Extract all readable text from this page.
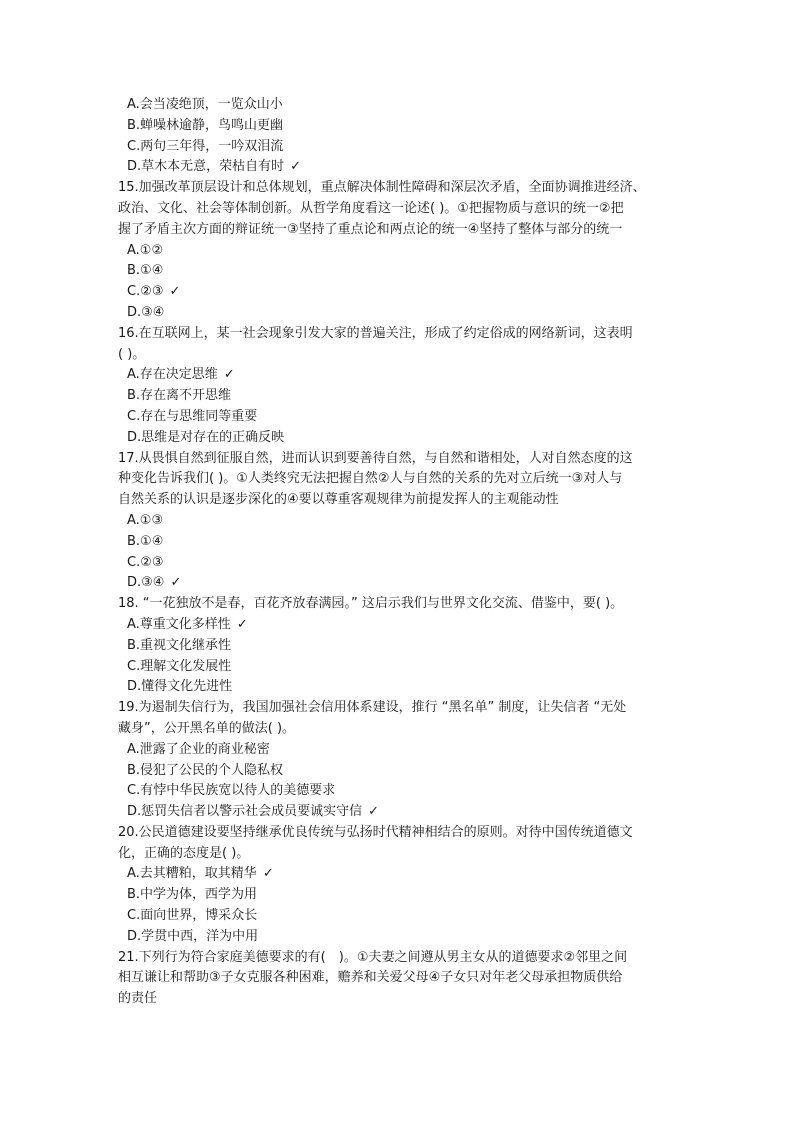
A.会当凌绝顶，一览众山小
B.蝉噪林逾静，鸟鸣山更幽
C.两句三年得，一吟双泪流
D.草木本无意，荣枯自有时 ✓
15.加强改革顶层设计和总体规划，重点解决体制性障碍和深层次矛盾，全面协调推进经济、
政治、文化、社会等体制创新。从哲学角度看这一论述( )。①把握物质与意识的统一②把
握了矛盾主次方面的辩证统一③坚持了重点论和两点论的统一④坚持了整体与部分的统一
A.①②
B.①④
C.②③ ✓
D.③④
16.在互联网上，某一社会现象引发大家的普遍关注，形成了约定俗成的网络新词，这表明
( )。
A.存在决定思维 ✓
B.存在离不开思维
C.存在与思维同等重要
D.思维是对存在的正确反映
17.从畏惧自然到征服自然，进而认识到要善待自然，与自然和谐相处，人对自然态度的这
种变化告诉我们( )。①人类终究无法把握自然②人与自然的关系的先对立后统一③对人与
自然关系的认识是逐步深化的④要以尊重客观规律为前提发挥人的主观能动性
A.①③
B.①④
C.②③
D.③④ ✓
18. “一花独放不是春，百花齐放春满园。” 这启示我们与世界文化交流、借鉴中，要( )。
A.尊重文化多样性 ✓
B.重视文化继承性
C.理解文化发展性
D.懂得文化先进性
19.为遏制失信行为，我国加强社会信用体系建设，推行 “黑名单” 制度，让失信者 “无处
藏身”，公开黑名单的做法( )。
A.泄露了企业的商业秘密
B.侵犯了公民的个人隐私权
C.有悖中华民族宽以待人的美德要求
D.惩罚失信者以警示社会成员要诚实守信 ✓
20.公民道德建设要坚持继承优良传统与弘扬时代精神相结合的原则。对待中国传统道德文
化，正确的态度是( )。
A.去其糟粕，取其精华 ✓
B.中学为体，西学为用
C.面向世界，博采众长
D.学贯中西，洋为中用
21.下列行为符合家庭美德要求的有(　)。①夫妻之间遵从男主女从的道德要求②邻里之间
相互谦让和帮助③子女克服各种困难，赡养和关爱父母④子女只对年老父母承担物质供给
的责任
